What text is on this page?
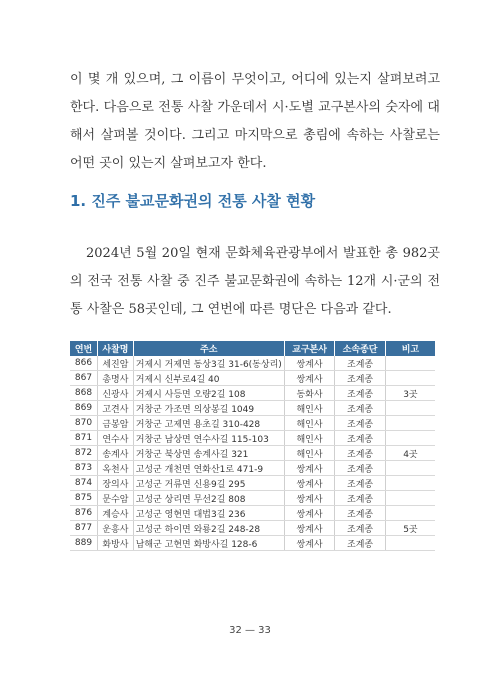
이 몇 개 있으며, 그 이름이 무엇이고, 어디에 있는지 살펴보려고 한다. 다음으로 전통 사찰 가운데서 시·도별 교구본사의 숫자에 대해서 살펴볼 것이다. 그리고 마지막으로 총림에 속하는 사찰로는 어떤 곳이 있는지 살펴보고자 한다.

1. 진주 불교문화권의 전통 사찰 현황

2024년 5월 20일 현재 문화체육관광부에서 발표한 총 982곳의 전국 전통 사찰 중 진주 불교문화권에 속하는 12개 시·군의 전통 사찰은 58곳인데, 그 연번에 따른 명단은 다음과 같다.

연번	사찰명	주소	교구본사	소속종단	비고
866	세진암	거제시 거제면 동상3길 31-6(동상리)	쌍계사	조계종	
867	총명사	거제시 신부로4길 40	쌍계사	조계종	
868	신광사	거제시 사등면 오량2길 108	동화사	조계종	3곳
869	고견사	거창군 가조면 의상봉길 1049	해인사	조계종	
870	금봉암	거창군 고제면 용초길 310-428	해인사	조계종	
871	연수사	거창군 남상면 연수사길 115-103	해인사	조계종	
872	송계사	거창군 북상면 송계사길 321	해인사	조계종	4곳
873	옥천사	고성군 개천면 연화산1로 471-9	쌍계사	조계종	
874	장의사	고성군 거류면 신용9길 295	쌍계사	조계종	
875	문수암	고성군 상리면 무선2길 808	쌍계사	조계종	
876	계승사	고성군 영현면 대법3길 236	쌍계사	조계종	
877	운흥사	고성군 하이면 와룡2길 248-28	쌍계사	조계종	5곳
889	화방사	남해군 고현면 화방사길 128-6	쌍계사	조계종	
32 — 33
